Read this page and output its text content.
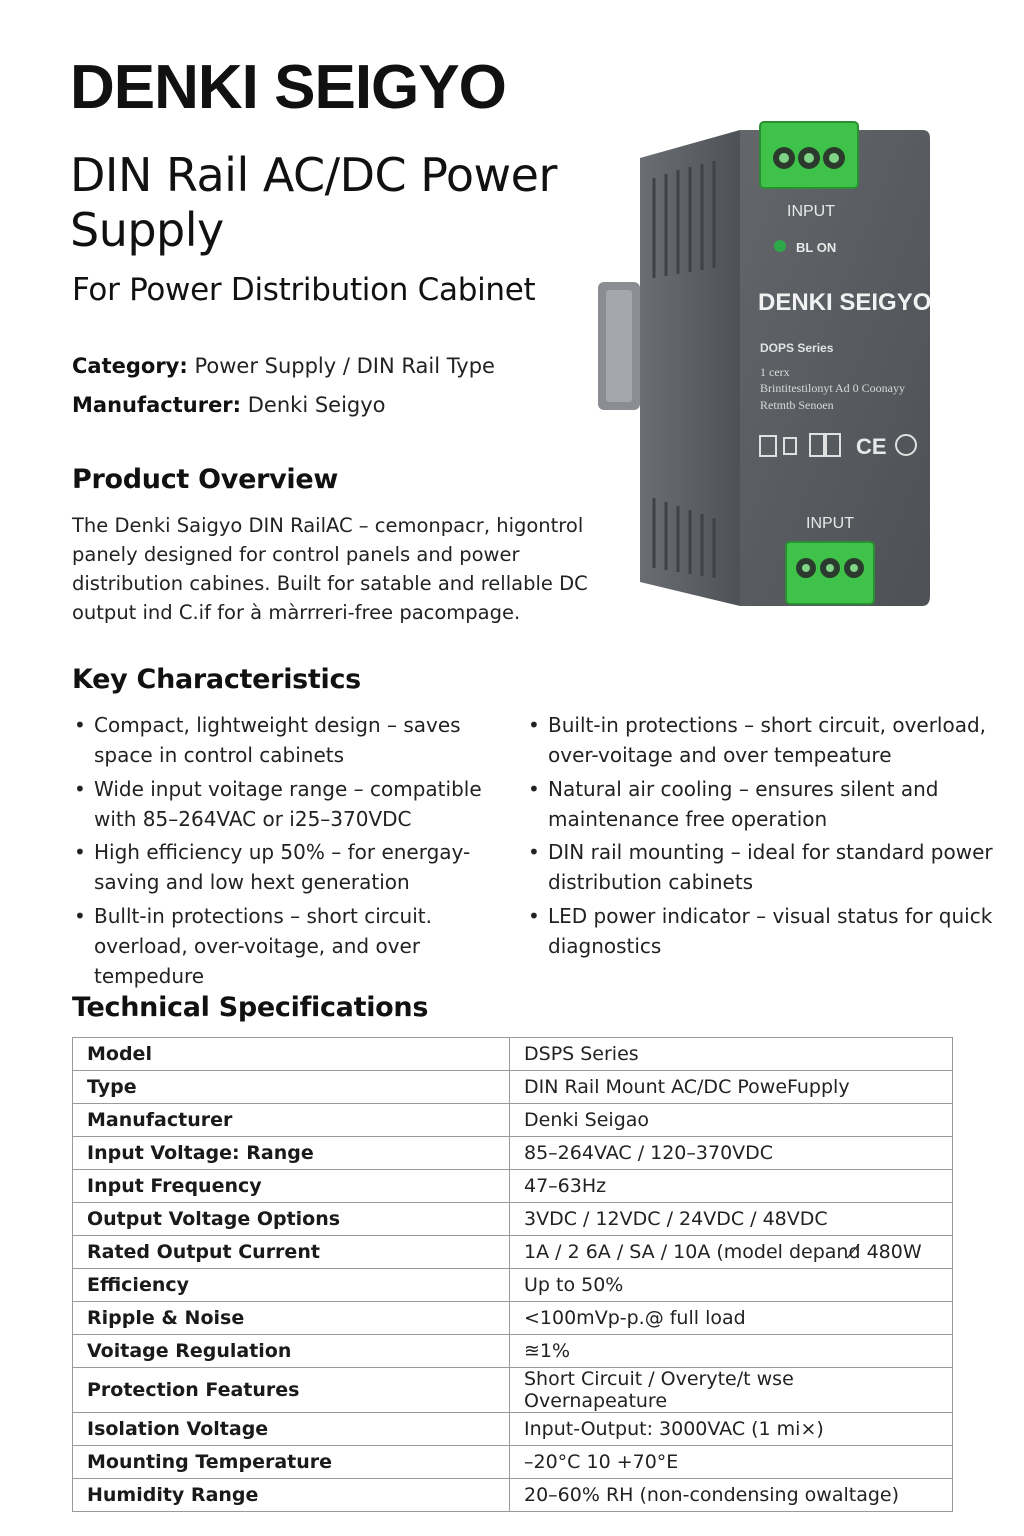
DENKI SEIGYO
DIN Rail AC/DC Power Supply
For Power Distribution Cabinet
Category: Power Supply / DIN Rail Type
Manufacturer: Denki Seigyo
Product Overview

The Denki Saigyo DIN RailAC – cemonpacr, higontrol panely designed for control panels and power distribution cabines. Built for satable and rellable DC output ind C.if for à màrrreri-free pacompage.

INPUT
BL ON
DENKI SEIGYO
DOPS Series
1 cerx
Brintitestilonyt Ad 0 Coonayy
Retmtb Senoen
CE
INPUT
Key Characteristics
• Compact, lightweight design – saves space in control cabinets
• Wide input voitage range – compatible with 85–264VAC or i25–370VDC
• High efficiency up 50% – for energay-saving and low hext generation
• Bullt-in protections – short circuit. overload, over-voitage, and over tempedure
• Built-in protections – short circuit, overload, over-voitage and over tempeature
• Natural air cooling – ensures silent and maintenance free operation
• DIN rail mounting – ideal for standard power distribution cabinets
• LED power indicator – visual status for quick diagnostics
Technical Specifications
Model	DSPS Series
Type	DIN Rail Mount AC/DC PoweFupply
Manufacturer	Denki Seigao
Input Voltage: Range	85–264VAC / 120–370VDC
Input Frequency	47–63Hz
Output Voltage Options	3VDC / 12VDC / 24VDC / 48VDC
Rated Output Current	1A / 2 6A / SA / 10A (model depand̸ 480W
Efficiency	Up to 50%
Ripple & Noise	<100mVp-p.@ full load
Voitage Regulation	≊1%
Protection Features	Short Circuit / Overyte/t wse Overnapeature
Isolation Voltage	Input-Output: 3000VAC (1 mi×)
Mounting Temperature	–20°C 10 +70°E
Humidity Range	20–60% RH (non-condensing owaltage)
